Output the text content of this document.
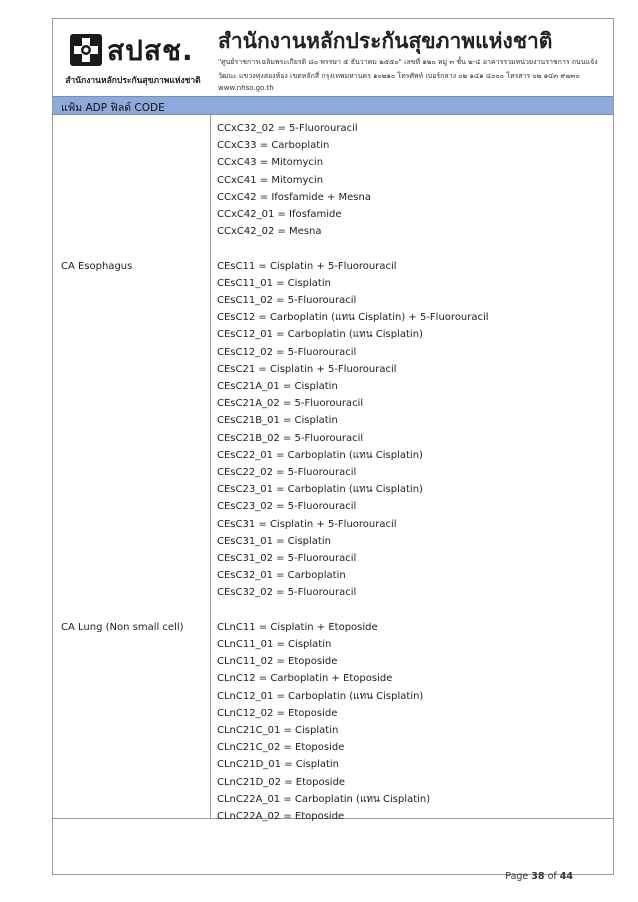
สปสช.
สำนักงานหลักประกันสุขภาพแห่งชาติ
สำนักงานหลักประกันสุขภาพแห่งชาติ
"ศูนย์ราชการเฉลิมพระเกียรติ ๘๐ พรรษา ๕ ธันวาคม ๒๕๕๐" เลขที่ ๑๒๐ หมู่ ๓ ชั้น ๒-๔ อาคารรวมหน่วยงานราชการ ถนนแจ้ง
วัฒนะ แขวงทุ่งสองห้อง เขตหลักสี่ กรุงเทพมหานคร ๑๐๒๑๐ โทรศัพท์ เบอร์กลาง ๐๒ ๑๔๑ ๔๐๐๐ โทรสาร ๐๒ ๑๔๓ ๙๗๓๐
www.nhso.go.th
แฟ้ม ADP ฟิลด์ CODE
CCxC32_02 = 5-Fluorouracil
CCxC33 = Carboplatin
CCxC43 = Mitomycin
CCxC41 = Mitomycin
CCxC42 = Ifosfamide + Mesna
CCxC42_01 = Ifosfamide
CCxC42_02 = Mesna
CA Esophagus	CEsC11 = Cisplatin + 5-Fluorouracil
CEsC11_01 = Cisplatin
CEsC11_02 = 5-Fluorouracil
CEsC12 = Carboplatin (แทน Cisplatin) + 5-Fluorouracil
CEsC12_01 = Carboplatin (แทน Cisplatin)
CEsC12_02 = 5-Fluorouracil
CEsC21 = Cisplatin + 5-Fluorouracil
CEsC21A_01 = Cisplatin
CEsC21A_02 = 5-Fluorouracil
CEsC21B_01 = Cisplatin
CEsC21B_02 = 5-Fluorouracil
CEsC22_01 = Carboplatin (แทน Cisplatin)
CEsC22_02 = 5-Fluorouracil
CEsC23_01 = Carboplatin (แทน Cisplatin)
CEsC23_02 = 5-Fluorouracil
CEsC31 = Cisplatin + 5-Fluorouracil
CEsC31_01 = Cisplatin
CEsC31_02 = 5-Fluorouracil
CEsC32_01 = Carboplatin
CEsC32_02 = 5-Fluorouracil
CA Lung (Non small cell)	CLnC11 = Cisplatin + Etoposide
CLnC11_01 = Cisplatin
CLnC11_02 = Etoposide
CLnC12 = Carboplatin + Etoposide
CLnC12_01 = Carboplatin (แทน Cisplatin)
CLnC12_02 = Etoposide
CLnC21C_01 = Cisplatin
CLnC21C_02 = Etoposide
CLnC21D_01 = Cisplatin
CLnC21D_02 = Etoposide
CLnC22A_01 = Carboplatin (แทน Cisplatin)
CLnC22A_02 = Etoposide
Page 38 of 44
